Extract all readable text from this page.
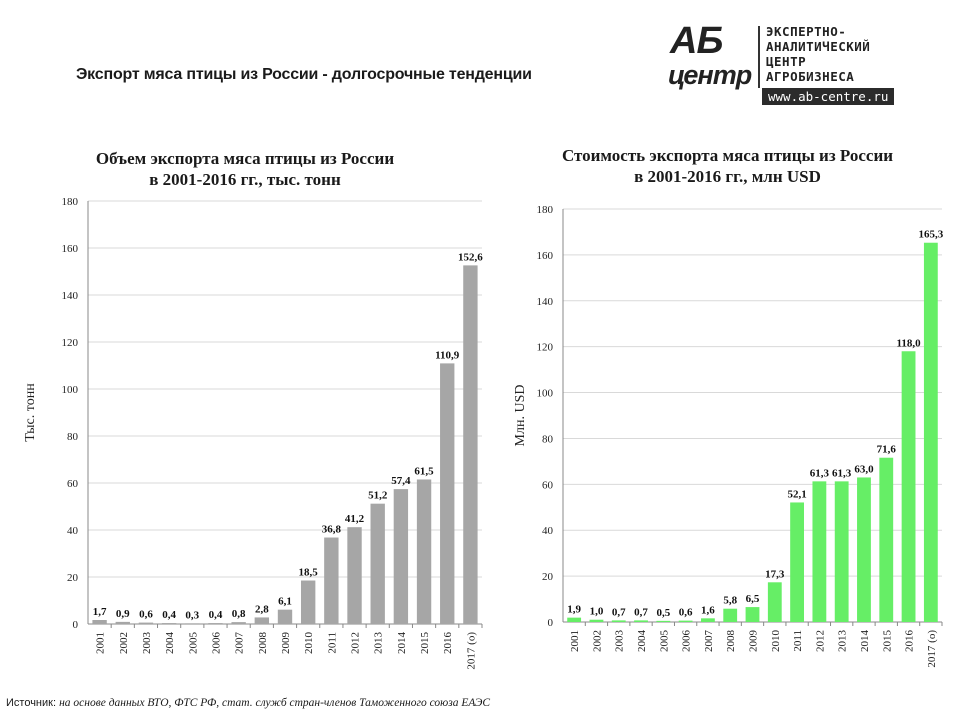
Экспорт мяса птицы из России - долгосрочные тенденции
АБ
центр
ЭКСПЕРТНО-
АНАЛИТИЧЕСКИЙ
ЦЕНТР
АГРОБИЗНЕСА
www.ab-centre.ru
Объем экспорта мяса птицы из России
в 2001-2016 гг., тыс. тонн
Стоимость экспорта мяса птицы из России
в 2001-2016 гг., млн USD
0
20
40
60
80
100
120
140
160
180
Тыс. тонн
1,7
2001
0,9
2002
0,6
2003
0,4
2004
0,3
2005
0,4
2006
0,8
2007
2,8
2008
6,1
2009
18,5
2010
36,8
2011
41,2
2012
51,2
2013
57,4
2014
61,5
2015
110,9
2016
152,6
2017 (о)
0
20
40
60
80
100
120
140
160
180
Млн. USD
1,9
2001
1,0
2002
0,7
2003
0,7
2004
0,5
2005
0,6
2006
1,6
2007
5,8
2008
6,5
2009
17,3
2010
52,1
2011
61,3
2012
61,3
2013
63,0
2014
71,6
2015
118,0
2016
165,3
2017 (о)
Источник: на основе данных ВТО, ФТС РФ, стат. служб стран-членов Таможенного союза ЕАЭС
